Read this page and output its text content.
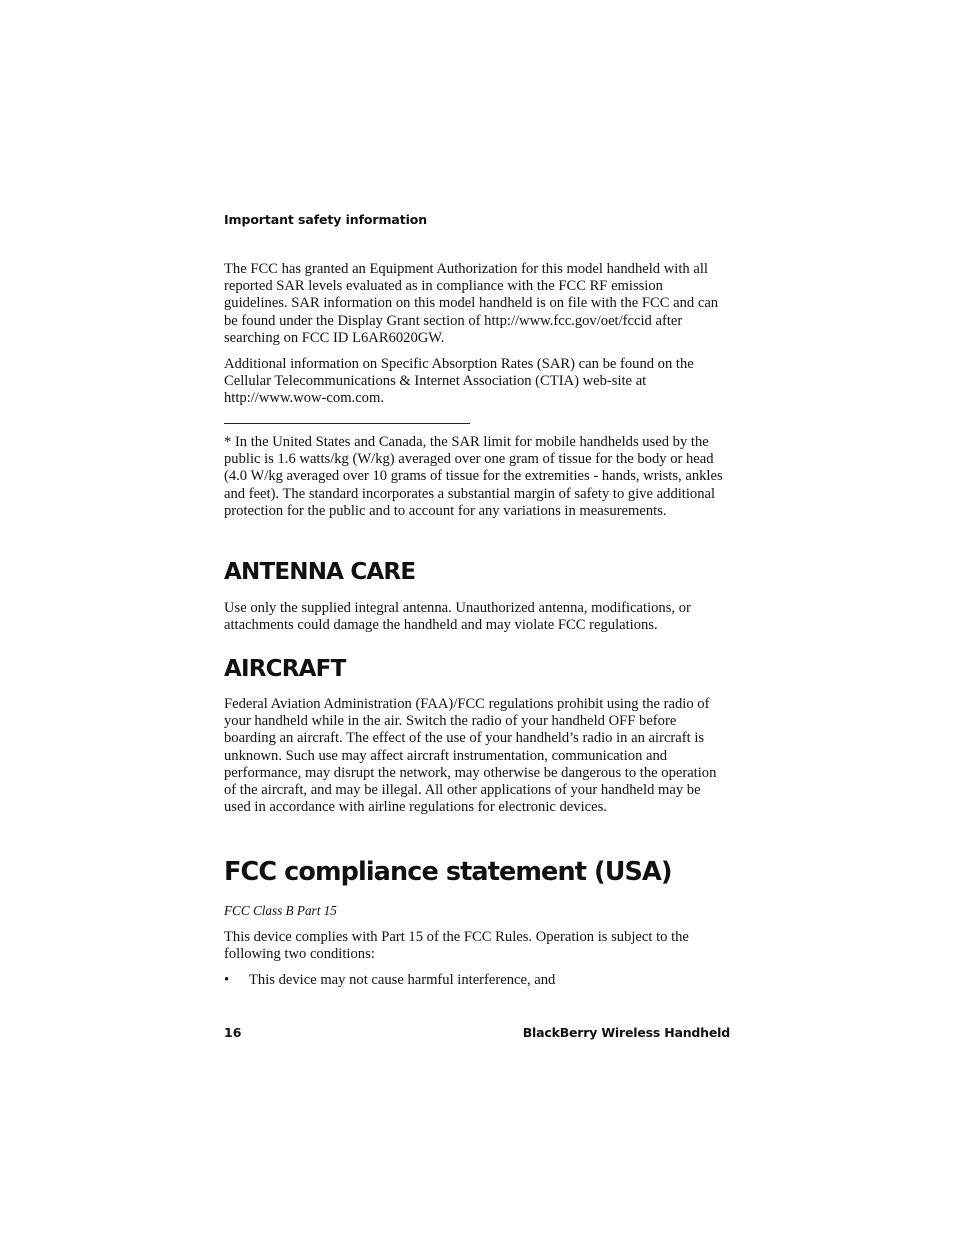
Important safety information

The FCC has granted an Equipment Authorization for this model handheld with all reported SAR levels evaluated as in compliance with the FCC RF emission guidelines. SAR information on this model handheld is on file with the FCC and can be found under the Display Grant section of http://www.fcc.gov/oet/fccid after searching on FCC ID L6AR6020GW.

Additional information on Specific Absorption Rates (SAR) can be found on the Cellular Telecommunications & Internet Association (CTIA) web-site at http://www.wow-com.com.

* In the United States and Canada, the SAR limit for mobile handhelds used by the public is 1.6 watts/kg (W/kg) averaged over one gram of tissue for the body or head (4.0 W/kg averaged over 10 grams of tissue for the extremities - hands, wrists, ankles and feet). The standard incorporates a substantial margin of safety to give additional protection for the public and to account for any variations in measurements.

ANTENNA CARE

Use only the supplied integral antenna. Unauthorized antenna, modifications, or attachments could damage the handheld and may violate FCC regulations.

AIRCRAFT

Federal Aviation Administration (FAA)/FCC regulations prohibit using the radio of your handheld while in the air. Switch the radio of your handheld OFF before boarding an aircraft. The effect of the use of your handheld’s radio in an aircraft is unknown. Such use may affect aircraft instrumentation, communication and performance, may disrupt the network, may otherwise be dangerous to the operation of the aircraft, and may be illegal. All other applications of your handheld may be used in accordance with airline regulations for electronic devices.

FCC compliance statement (USA)
FCC Class B Part 15

This device complies with Part 15 of the FCC Rules. Operation is subject to the following two conditions:

•	This device may not cause harmful interference, and
16	BlackBerry Wireless Handheld
